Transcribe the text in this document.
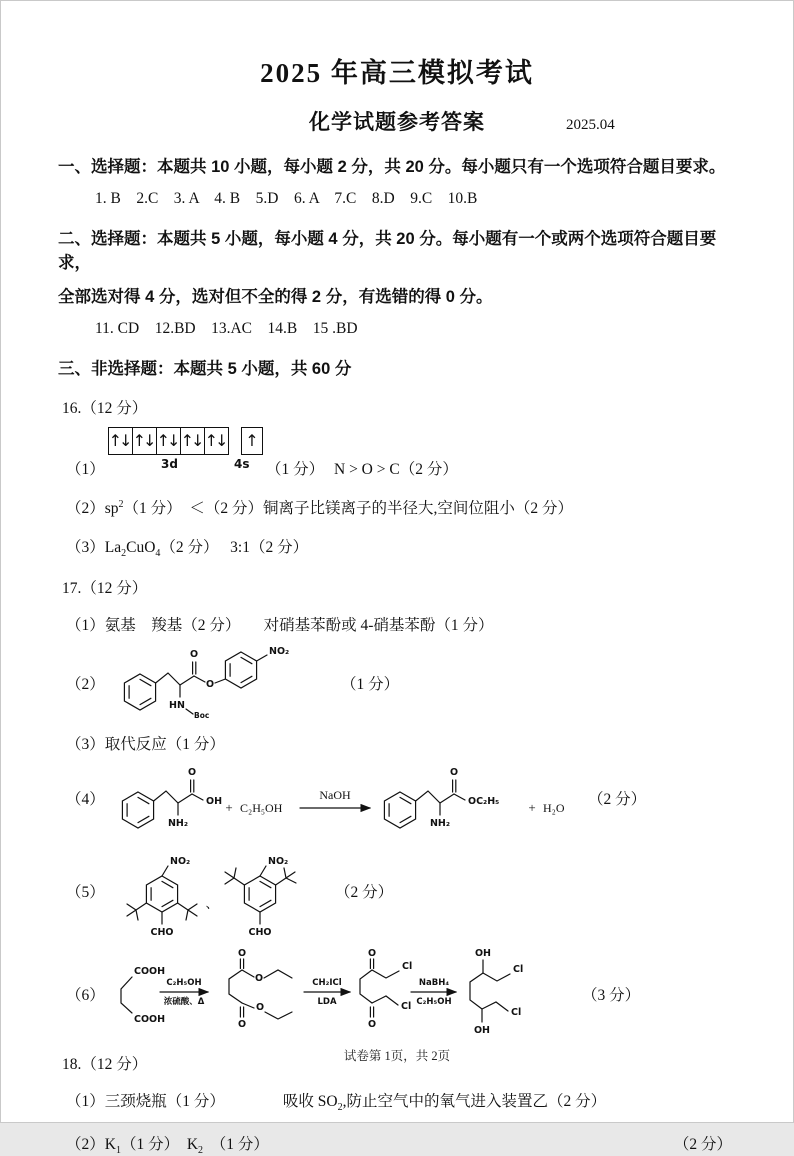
2025 年高三模拟考试
化学试题参考答案	2025.04

一、选择题：本题共 10 小题，每小题 2 分，共 20 分。每小题只有一个选项符合题目要求。

1. B    2.C    3. A    4. B    5.D    6. A    7.C    8.D    9.C    10.B

二、选择题：本题共 5 小题，每小题 4 分，共 20 分。每小题有一个或两个选项符合题目要求，

全部选对得 4 分，选对但不全的得 2 分，有选错的得 0 分。

11. CD    12.BD    13.AC    14.B    15 .BD

三、非选择题：本题共 5 小题，共 60 分

16.（12 分）

↑↓ ↑↓ ↑↓ ↑↓ ↑↓ ↑
（1）	3d	4s （1 分） N > O > C（2 分）

$(2)sp^2(1$ 分）　＜（2 分）铜离子比镁离子的半径大,空间位阻小（2 分）

$(3)La_2CuO_4(2$ 分）　 3:1（2 分）

17.（12 分）

（1）氨基　羧基（2 分）　　对硝基苯酚或 4-硝基苯酚（1 分）

（2）
O
O
NO₂
HN
Boc
（1 分）

（3）取代反应（1 分）

（4）
O
OH
NH₂
+ C₂H₅OH
NaOH
O
OC₂H₅
NH₂
+ H₂O （2 分）
（5）
NO₂
CHO
、
NO₂
CHO
（2 分）
（6）
COOH
COOH
C₂H₅OH
浓硫酸、Δ
O
O
O
O
CH₂ICl
LDA
O
Cl
Cl
O
NaBH₄
C₂H₅OH
OH
Cl
Cl
OH
（3 分）

18.（12 分）

（1）三颈烧瓶（1 分）	吸收 $SO_2$,防止空气中的氧气进入装置乙（2 分）

$(2)K_1(1$ 分）　$K_2$　（1 分）	（2 分）

试卷第 1页，共 2页
